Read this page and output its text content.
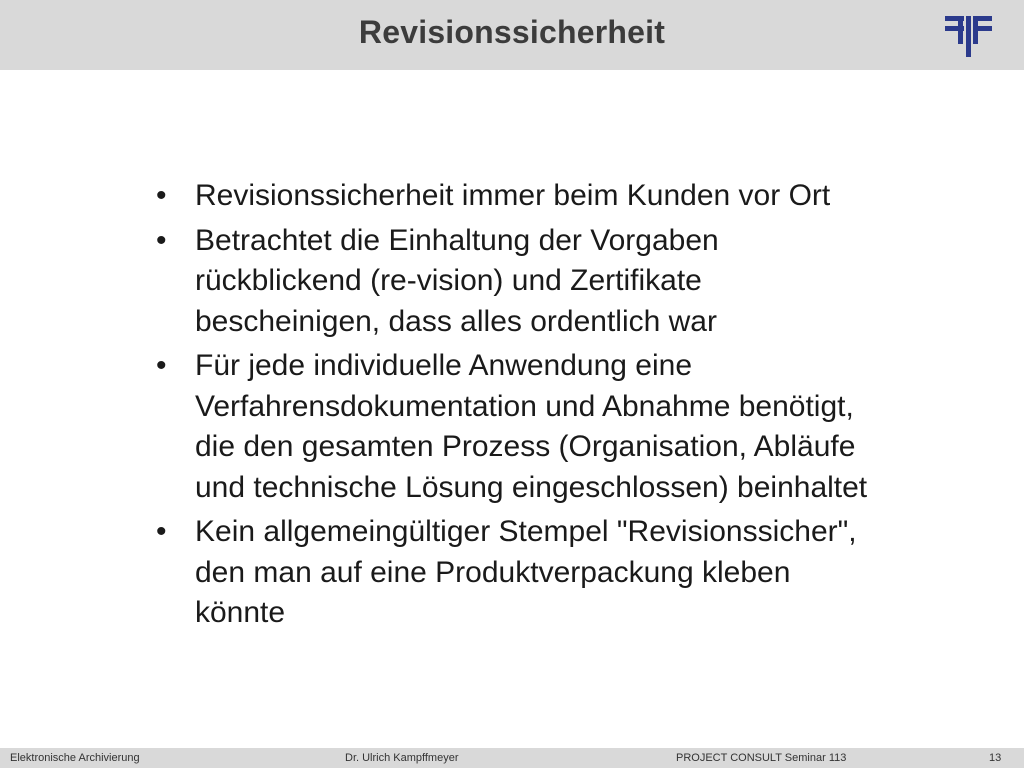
Revisionssicherheit
• Revisionssicherheit immer beim Kunden vor Ort
• Betrachtet die Einhaltung der Vorgaben
rückblickend (re-vision) und Zertifikate
bescheinigen, dass alles ordentlich war
• Für jede individuelle Anwendung eine
Verfahrensdokumentation und Abnahme benötigt,
die den gesamten Prozess (Organisation, Abläufe
und technische Lösung eingeschlossen) beinhaltet
• Kein allgemeingültiger Stempel "Revisionssicher",
den man auf eine Produktverpackung kleben
könnte
Elektronische Archivierung	Dr. Ulrich Kampffmeyer	PROJECT CONSULT Seminar 113	13
